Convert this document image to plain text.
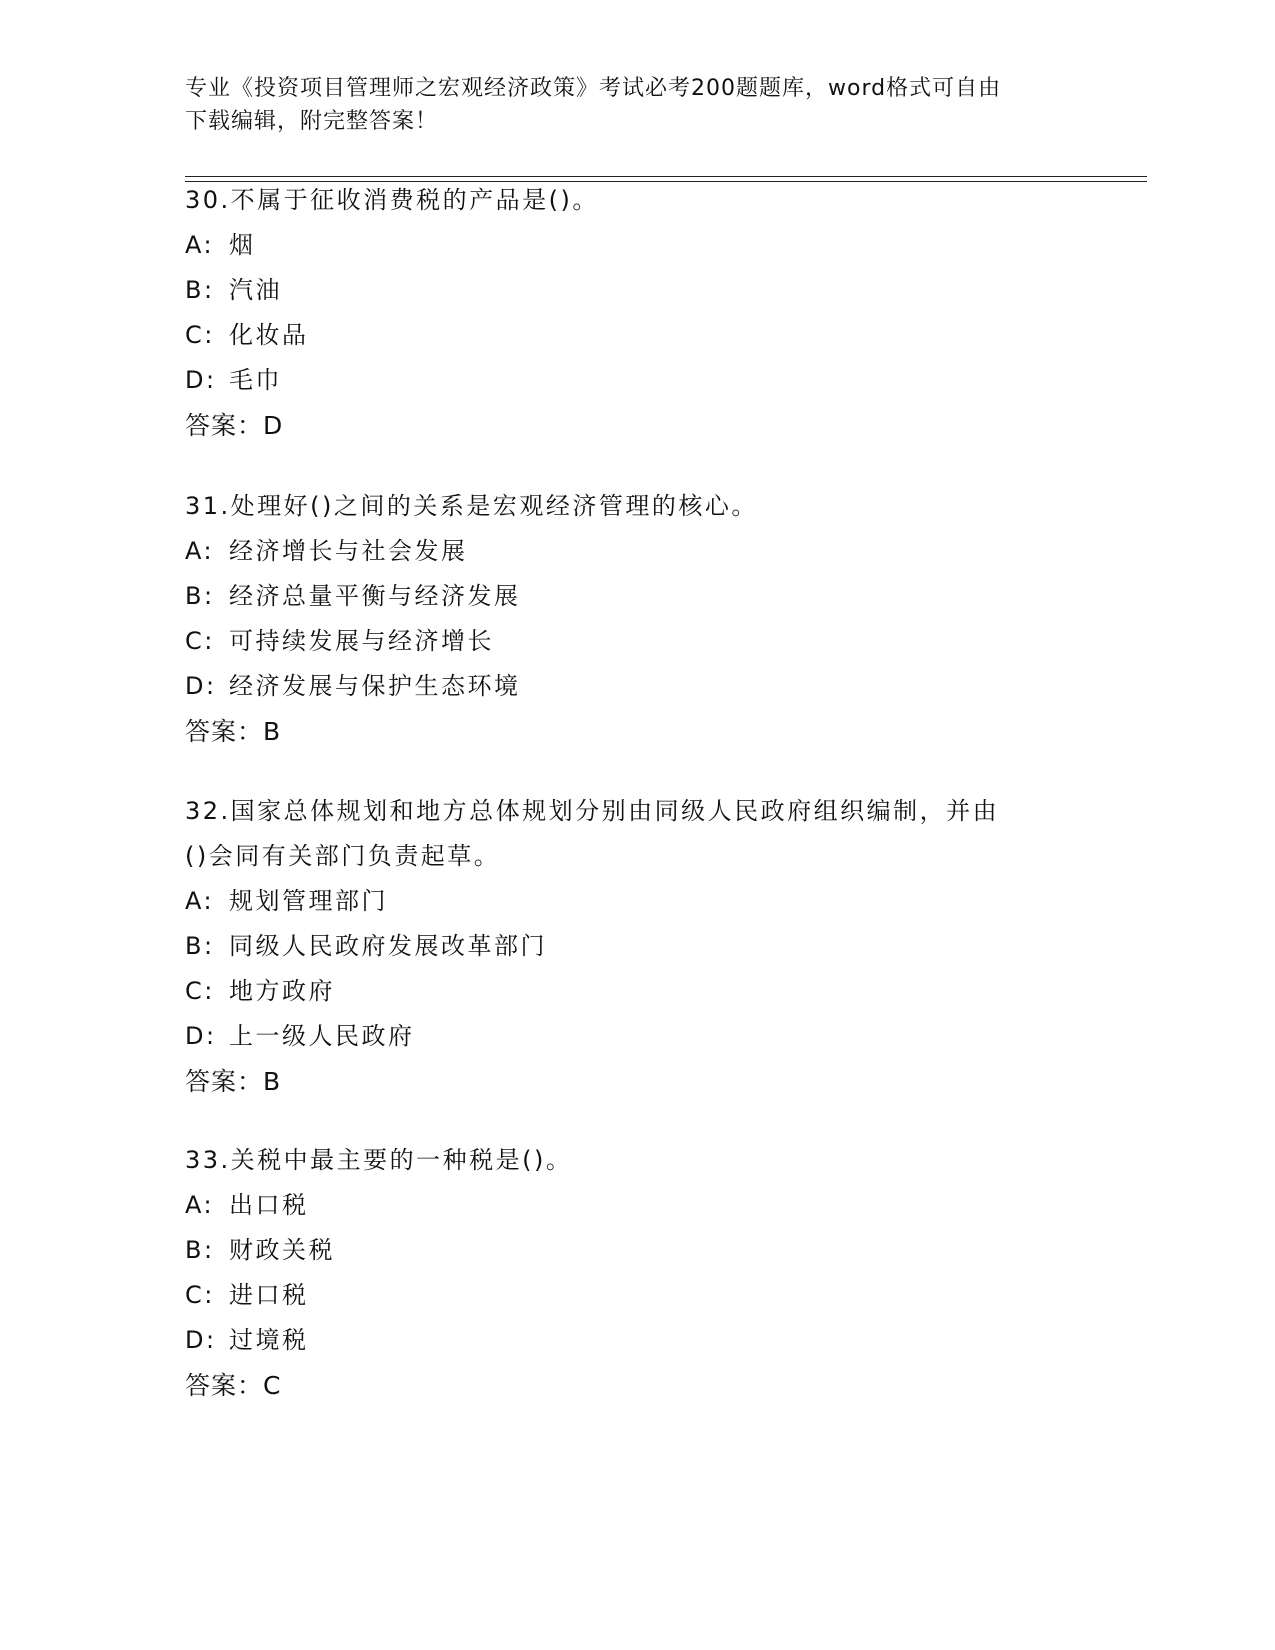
专业《投资项目管理师之宏观经济政策》考试必考200题题库，word格式可自由
下载编辑，附完整答案！
30.不属于征收消费税的产品是()。
A: 烟
B: 汽油
C: 化妆品
D: 毛巾
答案：D
31.处理好()之间的关系是宏观经济管理的核心。
A: 经济增长与社会发展
B: 经济总量平衡与经济发展
C: 可持续发展与经济增长
D: 经济发展与保护生态环境
答案：B
32.国家总体规划和地方总体规划分别由同级人民政府组织编制，并由
()会同有关部门负责起草。
A: 规划管理部门
B: 同级人民政府发展改革部门
C: 地方政府
D: 上一级人民政府
答案：B
33.关税中最主要的一种税是()。
A: 出口税
B: 财政关税
C: 进口税
D: 过境税
答案：C
